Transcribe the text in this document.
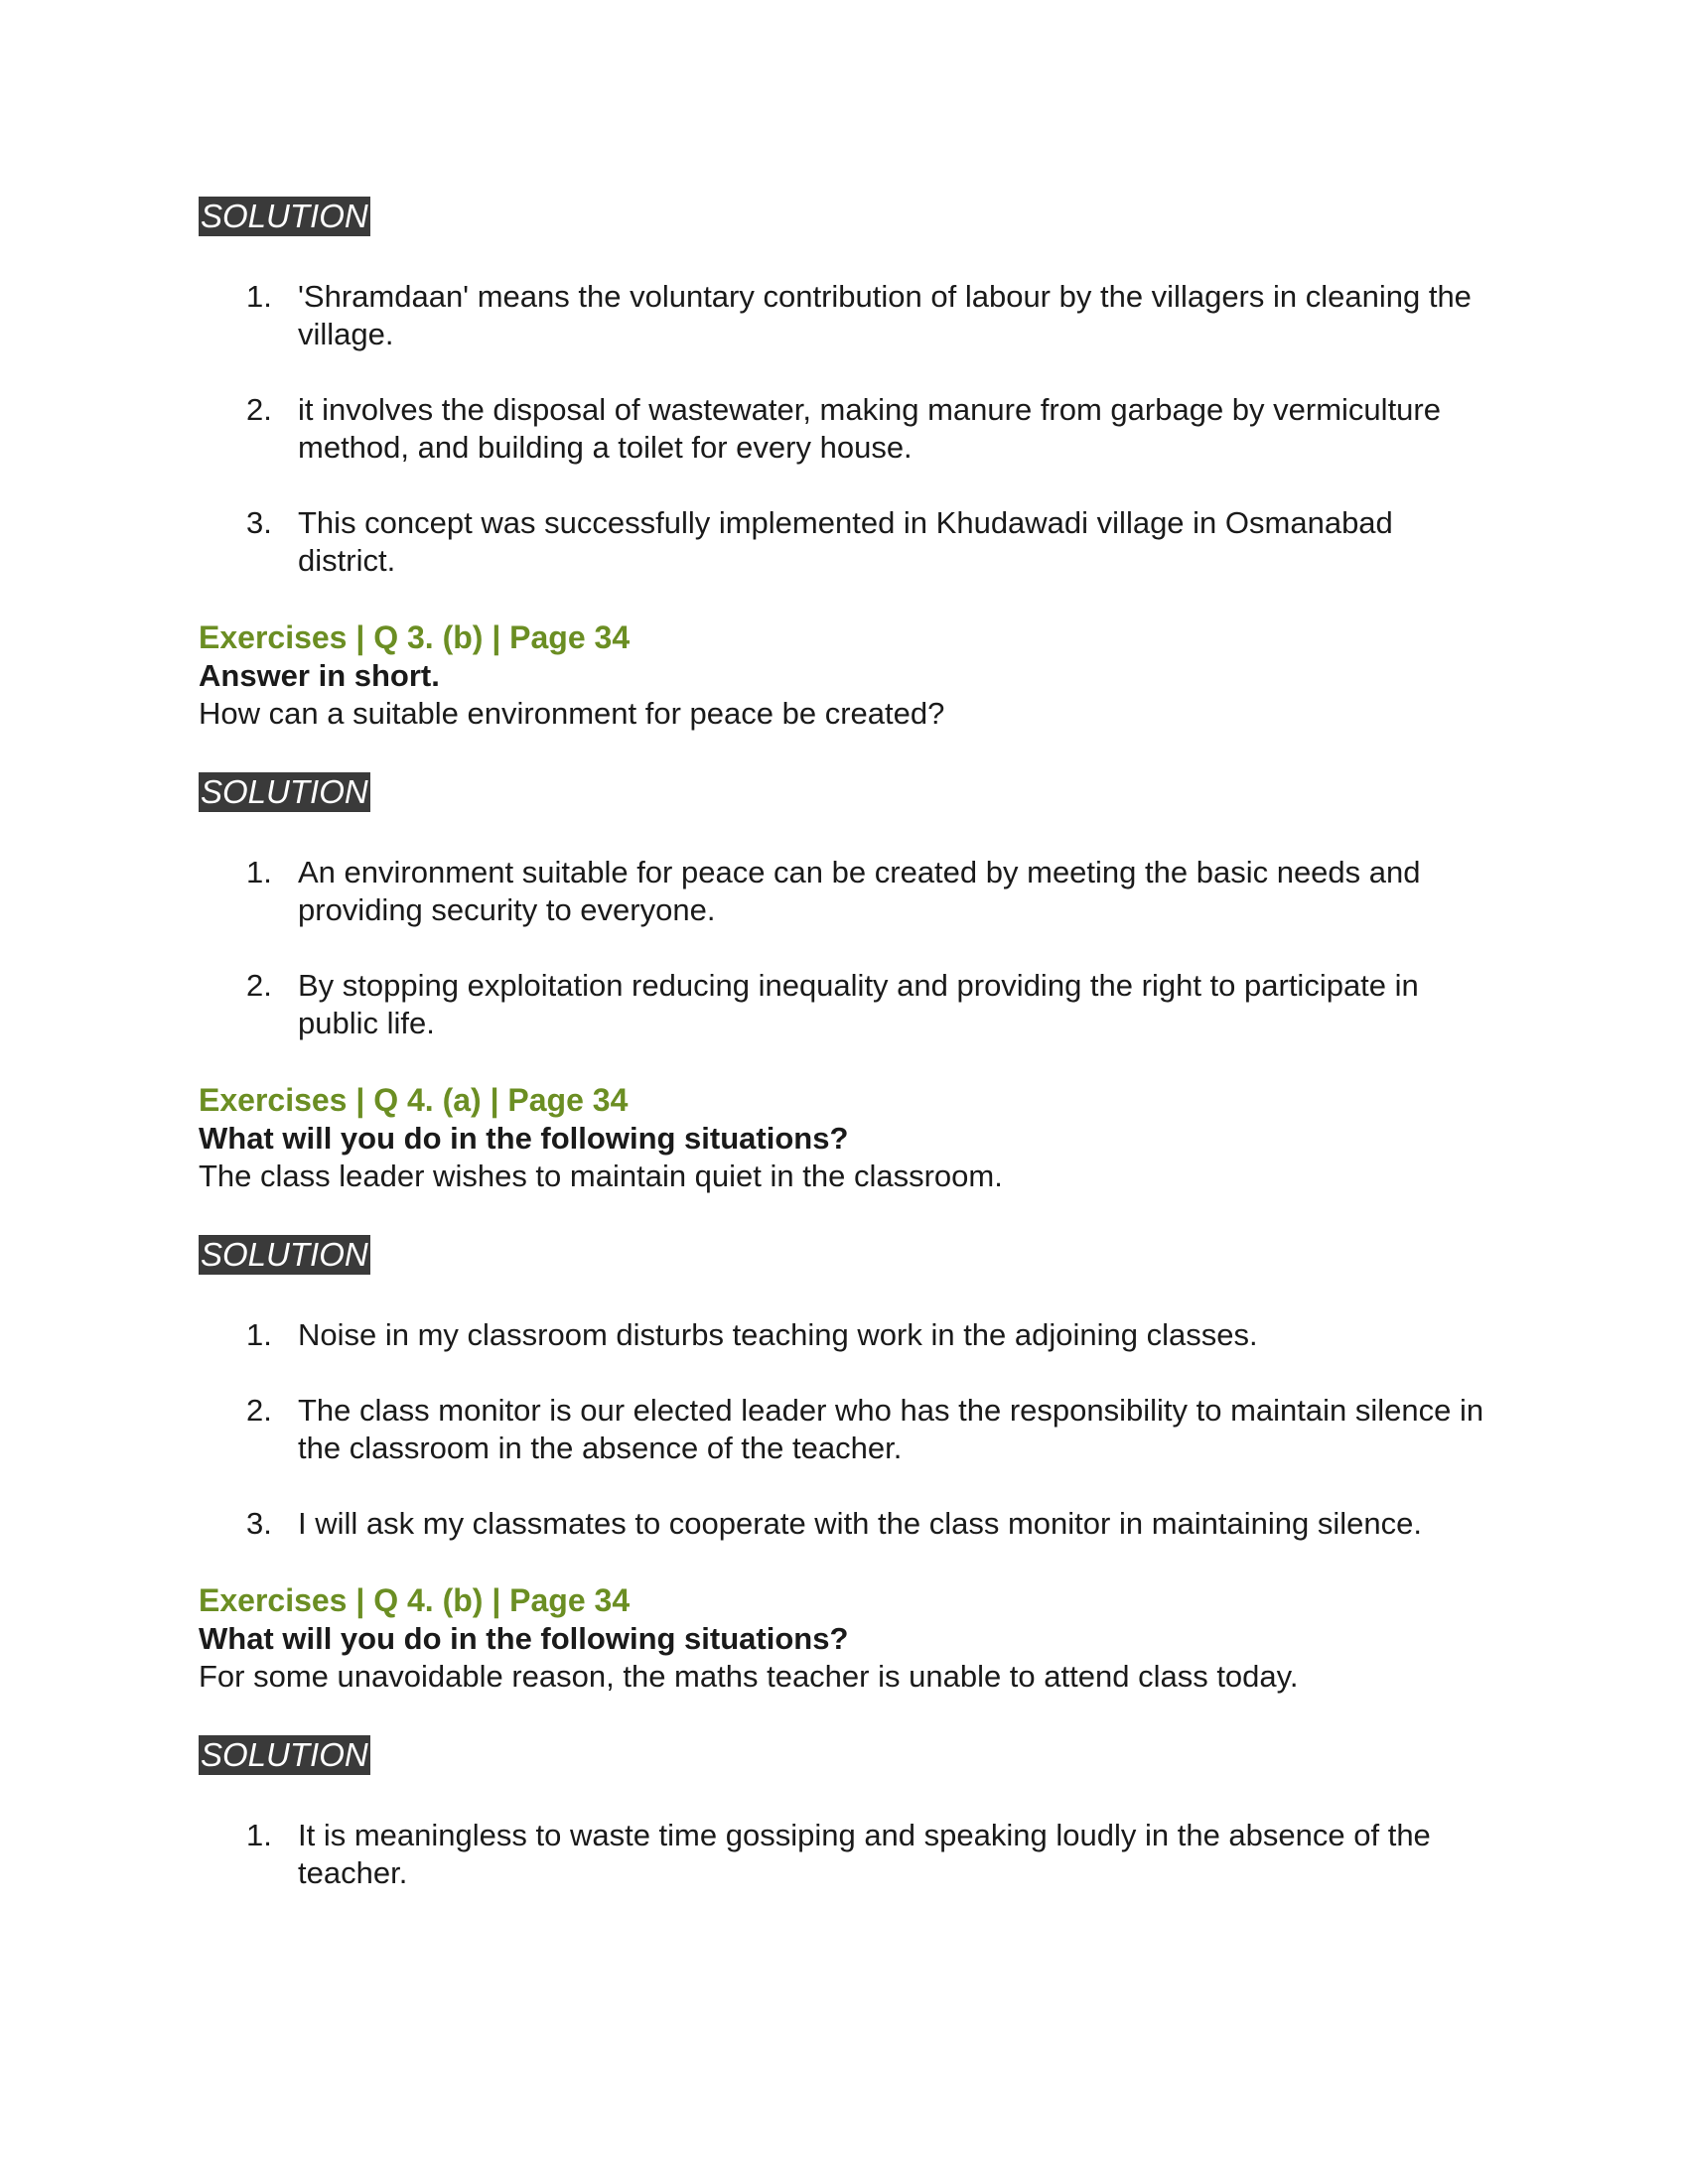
SOLUTION
1. 'Shramdaan' means the voluntary contribution of labour by the villagers in cleaning the village.
2. it involves the disposal of wastewater, making manure from garbage by vermiculture method, and building a toilet for every house.
3. This concept was successfully implemented in Khudawadi village in Osmanabad district.
Exercises | Q 3. (b) | Page 34
Answer in short.
How can a suitable environment for peace be created?
SOLUTION
1. An environment suitable for peace can be created by meeting the basic needs and providing security to everyone.
2. By stopping exploitation reducing inequality and providing the right to participate in public life.
Exercises | Q 4. (a) | Page 34
What will you do in the following situations?
The class leader wishes to maintain quiet in the classroom.
SOLUTION
1. Noise in my classroom disturbs teaching work in the adjoining classes.
2. The class monitor is our elected leader who has the responsibility to maintain silence in the classroom in the absence of the teacher.
3. I will ask my classmates to cooperate with the class monitor in maintaining silence.
Exercises | Q 4. (b) | Page 34
What will you do in the following situations?
For some unavoidable reason, the maths teacher is unable to attend class today.
SOLUTION
1. It is meaningless to waste time gossiping and speaking loudly in the absence of the teacher.
